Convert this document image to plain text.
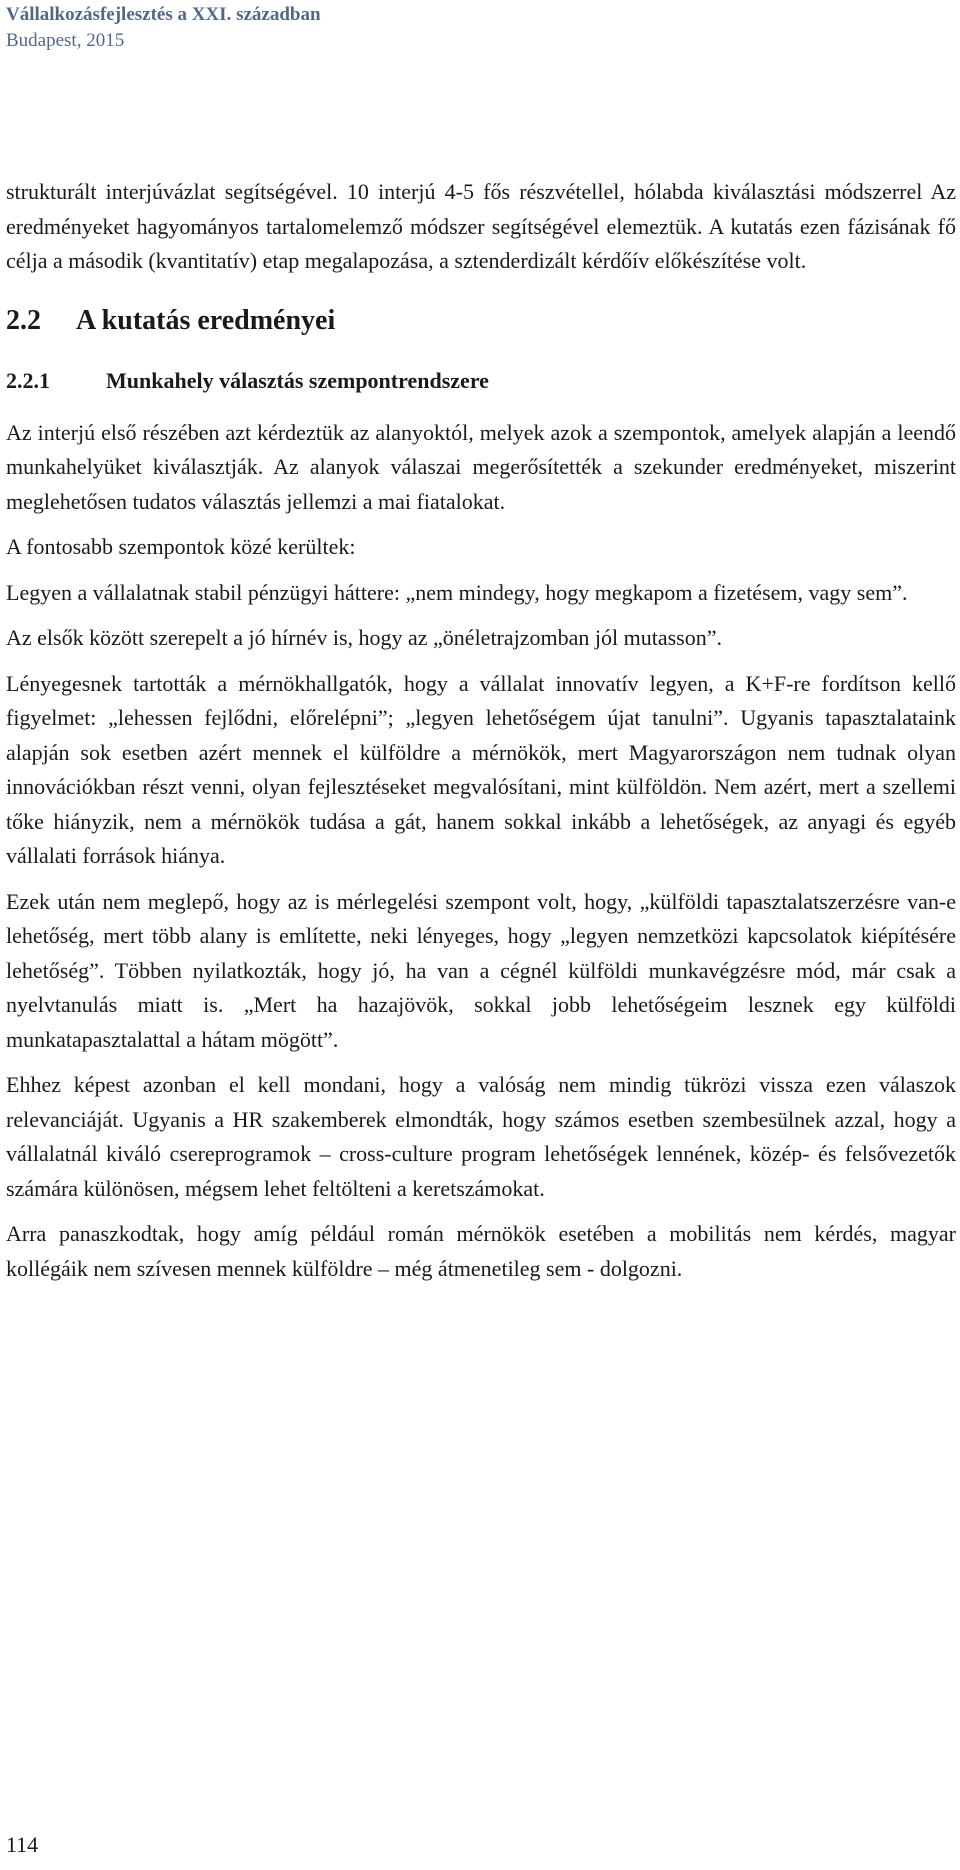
Vállalkozásfejlesztés a XXI. században
Budapest, 2015

strukturált interjúvázlat segítségével. 10 interjú 4-5 fős részvétellel, hólabda kiválasztási módszerrel Az eredményeket hagyományos tartalomelemző módszer segítségével elemeztük. A kutatás ezen fázisának fő célja a második (kvantitatív) etap megalapozása, a sztenderdizált kérdőív előkészítése volt.

2.2 A kutatás eredményei
2.2.1	Munkahely választás szempontrendszere

Az interjú első részében azt kérdeztük az alanyoktól, melyek azok a szempontok, amelyek alapján a leendő munkahelyüket kiválasztják. Az alanyok válaszai megerősítették a szekunder eredményeket, miszerint meglehetősen tudatos választás jellemzi a mai fiatalokat.

A fontosabb szempontok közé kerültek:

Legyen a vállalatnak stabil pénzügyi háttere: „nem mindegy, hogy megkapom a fizetésem, vagy sem”.

Az elsők között szerepelt a jó hírnév is, hogy az „önéletrajzomban jól mutasson”.

Lényegesnek tartották a mérnökhallgatók, hogy a vállalat innovatív legyen, a K+F-re fordítson kellő figyelmet: „lehessen fejlődni, előrelépni”; „legyen lehetőségem újat tanulni”. Ugyanis tapasztalataink alapján sok esetben azért mennek el külföldre a mérnökök, mert Magyarországon nem tudnak olyan innovációkban részt venni, olyan fejlesztéseket megvalósítani, mint külföldön. Nem azért, mert a szellemi tőke hiányzik, nem a mérnökök tudása a gát, hanem sokkal inkább a lehetőségek, az anyagi és egyéb vállalati források hiánya.

Ezek után nem meglepő, hogy az is mérlegelési szempont volt, hogy, „külföldi tapasztalatszerzésre van-e lehetőség, mert több alany is említette, neki lényeges, hogy „legyen nemzetközi kapcsolatok kiépítésére lehetőség”. Többen nyilatkozták, hogy jó, ha van a cégnél külföldi munkavégzésre mód, már csak a nyelvtanulás miatt is. „Mert ha hazajövök, sokkal jobb lehetőségeim lesznek egy külföldi munkatapasztalattal a hátam mögött”.

Ehhez képest azonban el kell mondani, hogy a valóság nem mindig tükrözi vissza ezen válaszok relevanciáját. Ugyanis a HR szakemberek elmondták, hogy számos esetben szembesülnek azzal, hogy a vállalatnál kiváló csereprogramok – cross-culture program lehetőségek lennének, közép- és felsővezetők számára különösen, mégsem lehet feltölteni a keretszámokat.

Arra panaszkodtak, hogy amíg például román mérnökök esetében a mobilitás nem kérdés, magyar kollégáik nem szívesen mennek külföldre – még átmenetileg sem - dolgozni.

114
